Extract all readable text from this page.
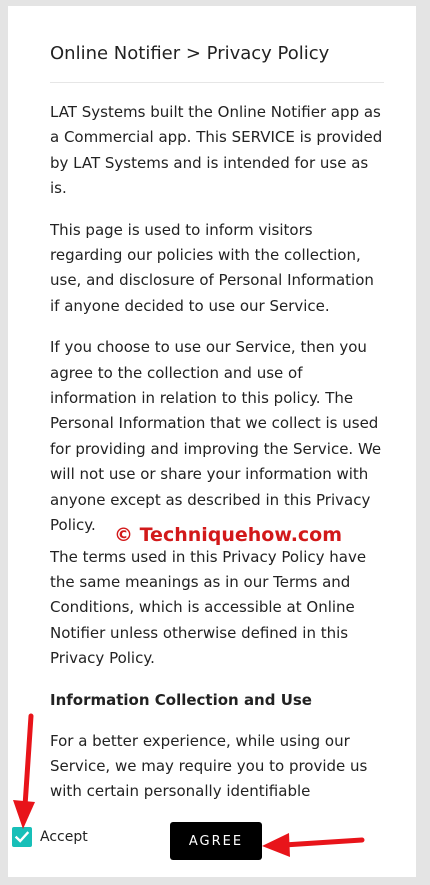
Online Notifier > Privacy Policy

LAT Systems built the Online Notifier app as a Commercial app. This SERVICE is provided by LAT Systems and is intended for use as is.

This page is used to inform visitors regarding our policies with the collection, use, and disclosure of Personal Information if anyone decided to use our Service.

If you choose to use our Service, then you agree to the collection and use of information in relation to this policy. The Personal Information that we collect is used for providing and improving the Service. We will not use or share your information with anyone except as described in this Privacy Policy.

The terms used in this Privacy Policy have the same meanings as in our Terms and Conditions, which is accessible at Online Notifier unless otherwise defined in this Privacy Policy.

Information Collection and Use

For a better experience, while using our Service, we may require you to provide us with certain personally identifiable

© Techniquehow.com
Accept	AGREE
